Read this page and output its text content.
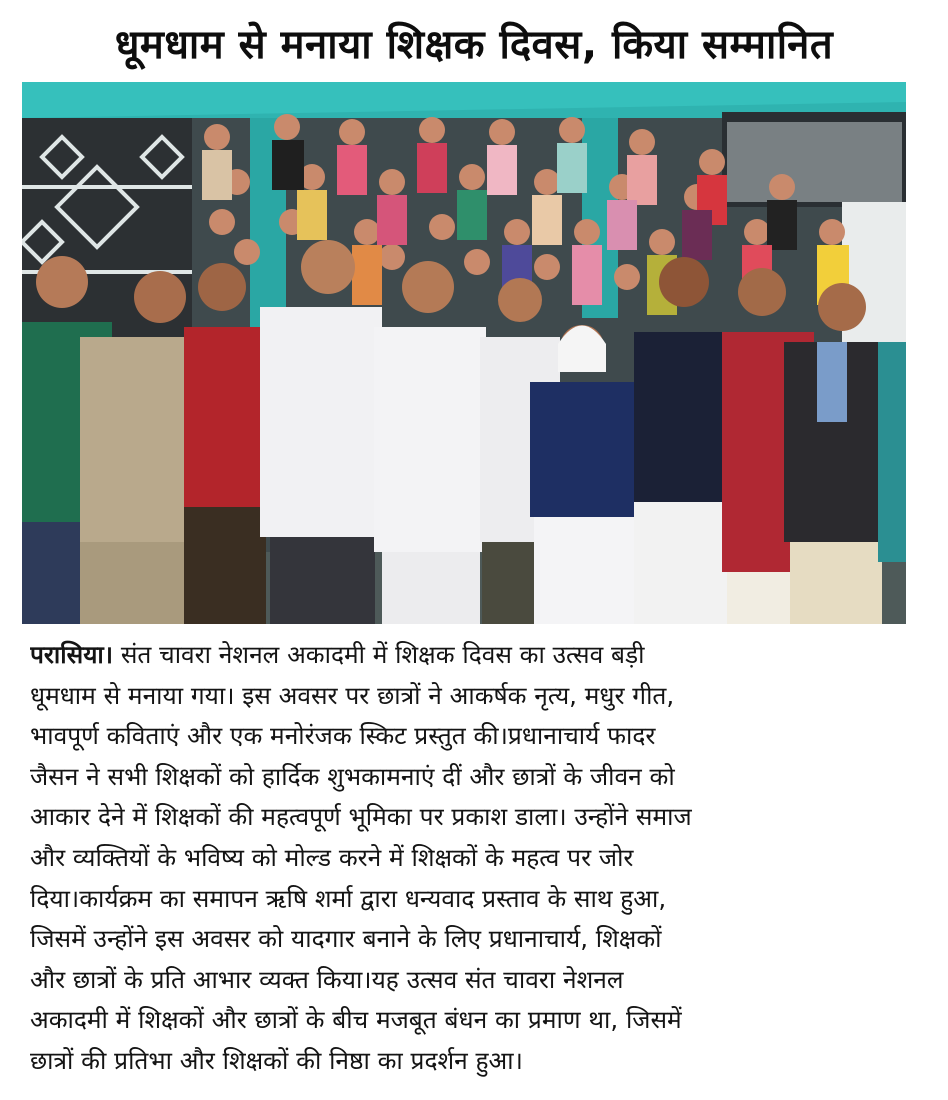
धूमधाम से मनाया शिक्षक दिवस, किया सम्मानित
परासिया। संत चावरा नेशनल अकादमी में शिक्षक दिवस का उत्सव बड़ी
धूमधाम से मनाया गया। इस अवसर पर छात्रों ने आकर्षक नृत्य, मधुर गीत,
भावपूर्ण कविताएं और एक मनोरंजक स्किट प्रस्तुत की।प्रधानाचार्य फादर
जैसन ने सभी शिक्षकों को हार्दिक शुभकामनाएं दीं और छात्रों के जीवन को
आकार देने में शिक्षकों की महत्वपूर्ण भूमिका पर प्रकाश डाला। उन्होंने समाज
और व्यक्तियों के भविष्य को मोल्ड करने में शिक्षकों के महत्व पर जोर
दिया।कार्यक्रम का समापन ऋषि शर्मा द्वारा धन्यवाद प्रस्ताव के साथ हुआ,
जिसमें उन्होंने इस अवसर को यादगार बनाने के लिए प्रधानाचार्य, शिक्षकों
और छात्रों के प्रति आभार व्यक्त किया।यह उत्सव संत चावरा नेशनल
अकादमी में शिक्षकों और छात्रों के बीच मजबूत बंधन का प्रमाण था, जिसमें
छात्रों की प्रतिभा और शिक्षकों की निष्ठा का प्रदर्शन हुआ।
